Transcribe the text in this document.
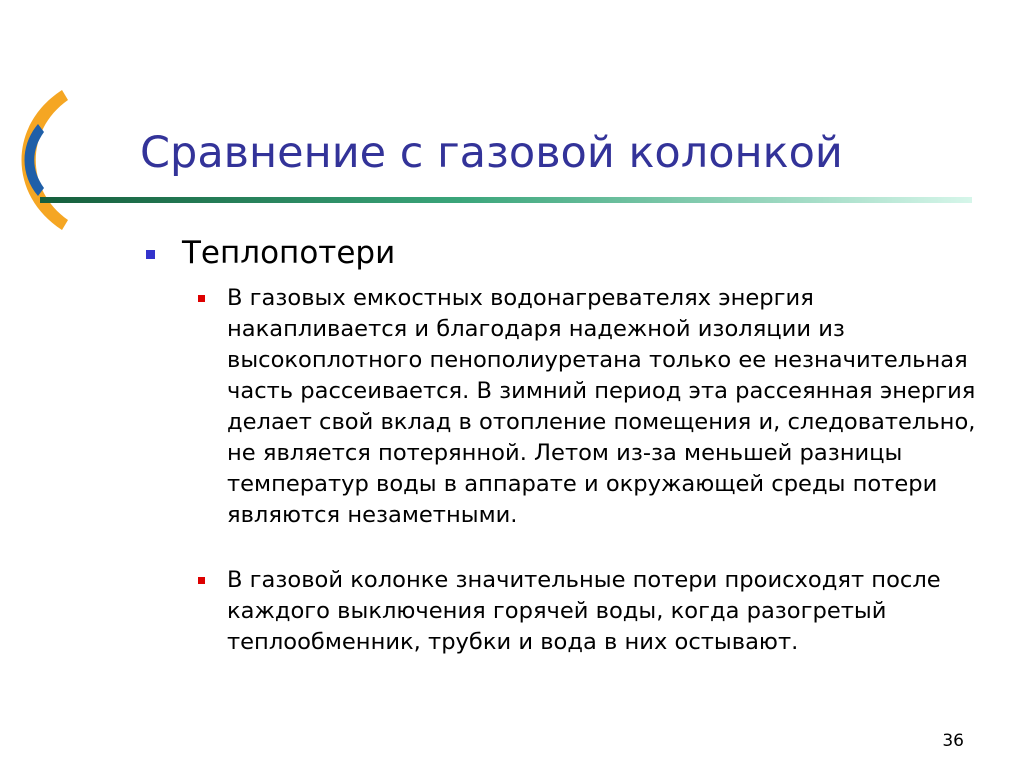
Сравнение с газовой колонкой
Теплопотери
В газовых емкостных водонагревателях энергия накапливается и благодаря надежной изоляции из высокоплотного пенополиуретана только ее незначительная часть рассеивается. В зимний период эта рассеянная энергия делает свой вклад в отопление помещения и, следовательно, не является потерянной. Летом из-за меньшей разницы температур воды в аппарате и окружающей среды потери являются незаметными.
В газовой колонке значительные потери происходят после каждого выключения горячей воды, когда разогретый теплообменник, трубки и вода в них остывают.
36
